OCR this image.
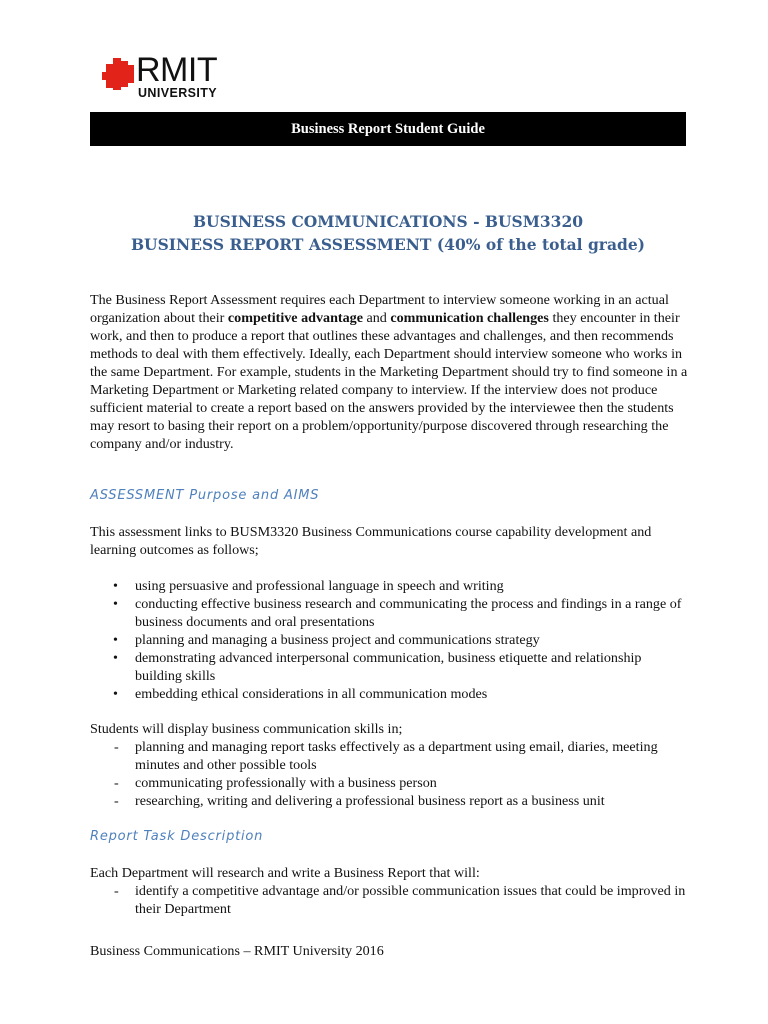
RMIT
UNIVERSITY
Business Report Student Guide
BUSINESS COMMUNICATIONS - BUSM3320
BUSINESS REPORT ASSESSMENT (40% of the total grade)

The Business Report Assessment requires each Department to interview someone working in an actual organization about their competitive advantage and communication challenges they encounter in their work, and then to produce a report that outlines these advantages and challenges, and then recommends methods to deal with them effectively. Ideally, each Department should interview someone who works in the same Department. For example, students in the Marketing Department should try to find someone in a Marketing Department or Marketing related company to interview. If the interview does not produce sufficient material to create a report based on the answers provided by the interviewee then the students may resort to basing their report on a problem/opportunity/purpose discovered through researching the company and/or industry.

ASSESSMENT Purpose and AIMS
This assessment links to BUSM3320 Business Communications course capability development and learning outcomes as follows;
• using persuasive and professional language in speech and writing
• conducting effective business research and communicating the process and findings in a range of business documents and oral presentations
• planning and managing a business project and communications strategy
• demonstrating advanced interpersonal communication, business etiquette and relationship building skills
• embedding ethical considerations in all communication modes
Students will display business communication skills in;
- planning and managing report tasks effectively as a department using email, diaries, meeting minutes and other possible tools
- communicating professionally with a business person
- researching, writing and delivering a professional business report as a business unit
Report Task Description
Each Department will research and write a Business Report that will:
- identify a competitive advantage and/or possible communication issues that could be improved in their Department
Business Communications – RMIT University 2016
